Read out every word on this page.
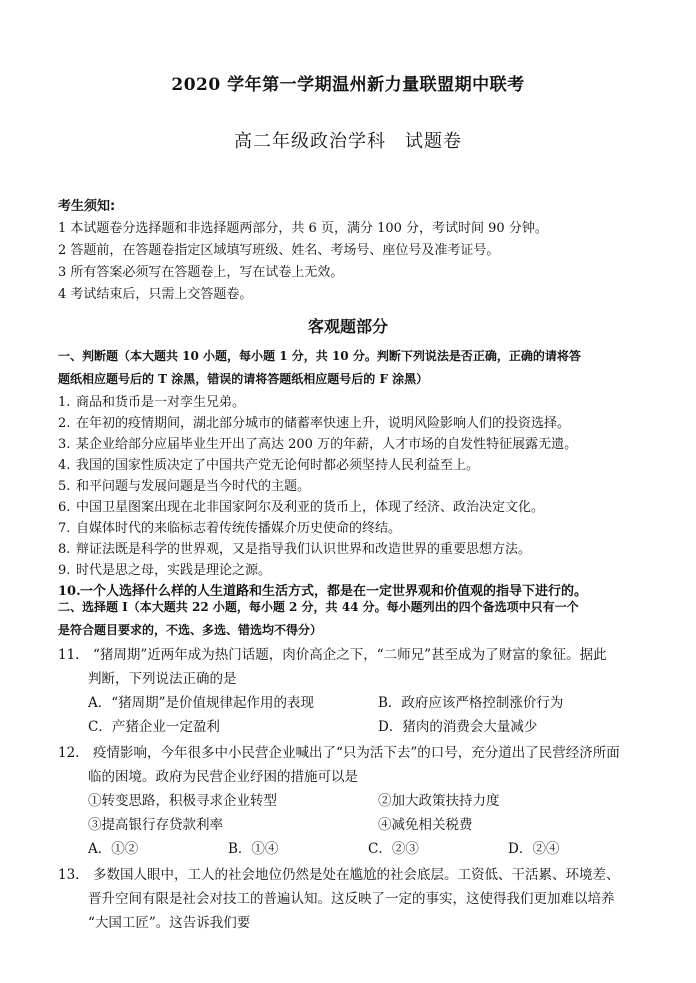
2020 学年第一学期温州新力量联盟期中联考
高二年级政治学科　试题卷
考生须知:
1 本试题卷分选择题和非选择题两部分，共 6 页，满分 100 分，考试时间 90 分钟。
2 答题前，在答题卷指定区域填写班级、姓名、考场号、座位号及准考证号。
3 所有答案必须写在答题卷上，写在试卷上无效。
4 考试结束后，只需上交答题卷。
客观题部分
一、判断题（本大题共 10 小题，每小题 1 分，共 10 分。判断下列说法是否正确，正确的请将答
题纸相应题号后的 T 涂黑，错误的请将答题纸相应题号后的 F 涂黑）
1. 商品和货币是一对孪生兄弟。
2. 在年初的疫情期间，湖北部分城市的储蓄率快速上升，说明风险影响人们的投资选择。
3. 某企业给部分应届毕业生开出了高达 200 万的年薪，人才市场的自发性特征展露无遗。
4. 我国的国家性质决定了中国共产党无论何时都必须坚持人民利益至上。
5. 和平问题与发展问题是当今时代的主题。
6. 中国卫星图案出现在北非国家阿尔及利亚的货币上，体现了经济、政治决定文化。
7. 自媒体时代的来临标志着传统传播媒介历史使命的终结。
8. 辩证法既是科学的世界观，又是指导我们认识世界和改造世界的重要思想方法。
9. 时代是思之母，实践是理论之源。
10.一个人选择什么样的人生道路和生活方式，都是在一定世界观和价值观的指导下进行的。
二、选择题 I（本大题共 22 小题，每小题 2 分，共 44 分。每小题列出的四个备选项中只有一个
是符合题目要求的，不选、多选、错选均不得分）
11.　“猪周期”近两年成为热门话题，肉价高企之下，“二师兄”甚至成为了财富的象征。据此
判断，下列说法正确的是
A．“猪周期”是价值规律起作用的表现	B．政府应该严格控制涨价行为
C．产猪企业一定盈利	D．猪肉的消费会大量减少
12.　疫情影响，今年很多中小民营企业喊出了“只为活下去”的口号，充分道出了民营经济所面
临的困境。政府为民营企业纾困的措施可以是
①转变思路，积极寻求企业转型	②加大政策扶持力度
③提高银行存贷款利率	④减免相关税费
A．①②	B．①④	C．②③	D．②④
13.　多数国人眼中，工人的社会地位仍然是处在尴尬的社会底层。工资低、干活累、环境差、
晋升空间有限是社会对技工的普遍认知。这反映了一定的事实，这使得我们更加难以培养
“大国工匠”。这告诉我们要
